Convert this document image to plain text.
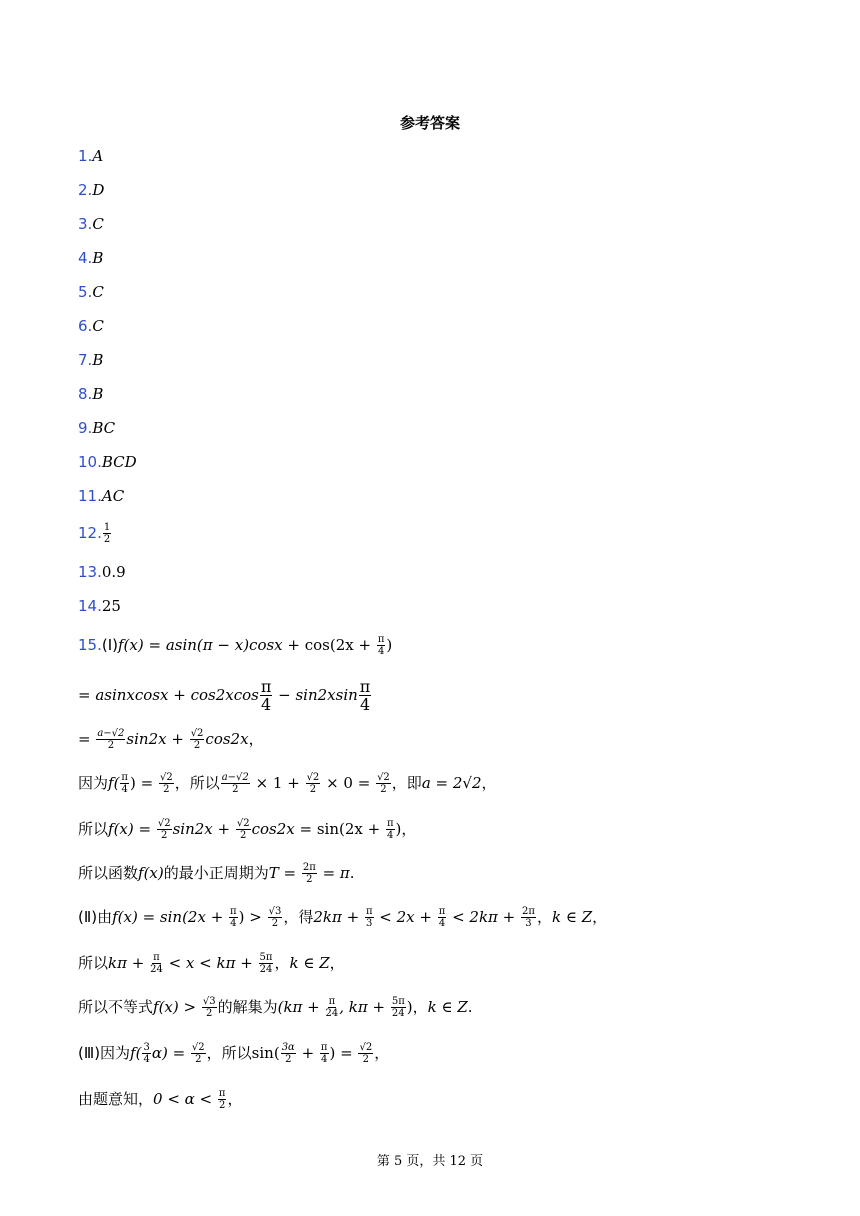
参考答案
1.A
2.D
3.C
4.B
5.C
6.C
7.B
8.B
9.BC
10.BCD
11.AC
12. $\frac{1}{2}$
13.0.9
14.25
15.(Ⅰ)f(x) = $asin(\pi - x)\cos x + \cos(2x + \frac{\pi}{4}$ )
= asinxcosx + $\cos 2xcos \frac{\pi}{4} - \sin 2xsin \frac{\pi}{4}$
= $\frac{a-√2}{2} \sin 2x + \frac{√2}{2} \cos 2x$，
因为$f( \frac{\pi}{4}$ ) = $\frac{√2}{2}$ ，所以 $\frac{a-√2}{2} \times 1 + \frac{√2}{2} \times 0 = \frac{√2}{2}$ ，即a = 2√2，
所以$f(x) = \frac{√2}{2} \sin 2x + \frac{√2}{2} \cos 2x = \sin(2x + \frac{\pi}{4}$ )，
所以函数f(x)的最小正周期为$T = \frac{2\pi}{2} = \pi$.
(Ⅱ)由$f(x) = \sin(2x + \frac{\pi}{4}$ ) > $\frac{√3}{2}$ ，得$2k\pi + \frac{\pi}{3} < 2x + \frac{\pi}{4} < 2k\pi + \frac{2\pi}{3}$ ，k ∈ Z，
所以$k\pi + \frac{\pi}{24} < x < k\pi + \frac{5\pi}{24}$ ，k ∈ Z，
所以不等式$f(x) > \frac{√3}{2}$ 的解集为($k\pi + \frac{\pi}{24}$ , $k\pi + \frac{5\pi}{24}$ )，k ∈ Z.
(Ⅲ)因为$f( \frac{3}{4} \alpha) = \frac{√2}{2}$ ，所以$\sin( \frac{3\alpha}{2} + \frac{\pi}{4}$ ) = $\frac{√2}{2}$ ，
由题意知，$0 < \alpha < \frac{\pi}{2}$ ，
第 5 页，共 12 页
